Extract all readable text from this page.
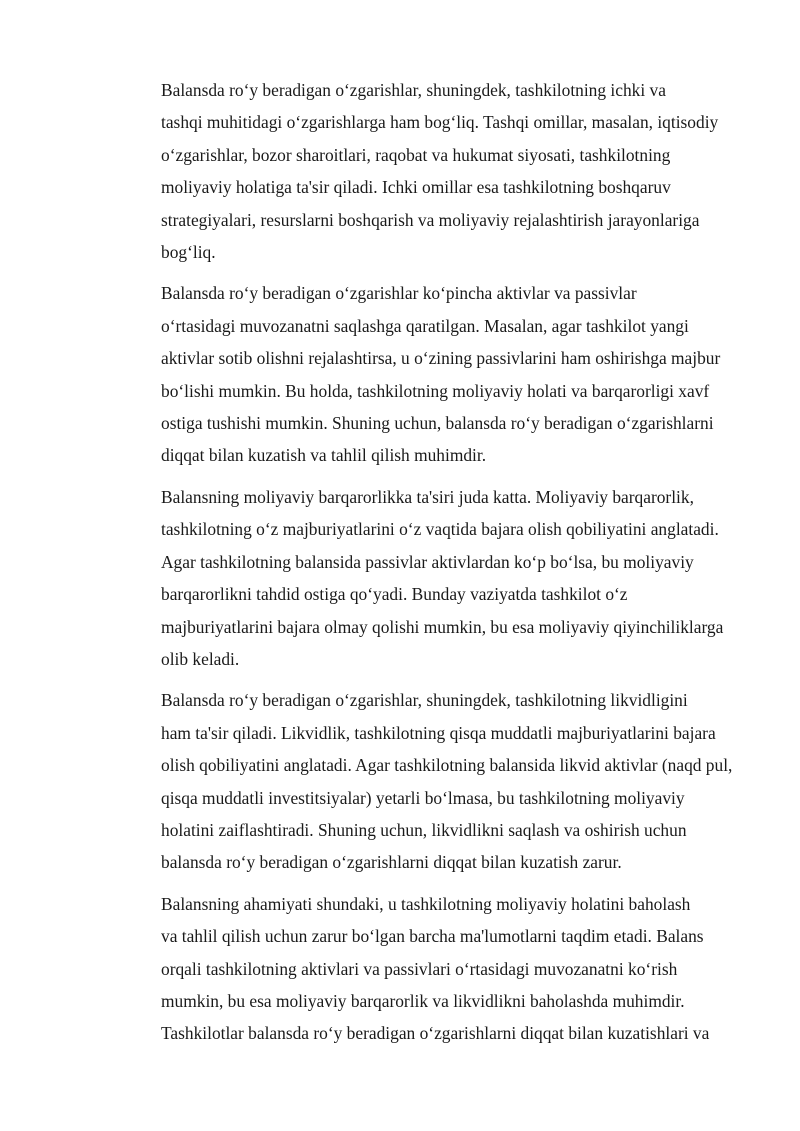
Balansda ro‘y beradigan o‘zgarishlar, shuningdek, tashkilotning ichki va
tashqi muhitidagi o‘zgarishlarga ham bog‘liq. Tashqi omillar, masalan, iqtisodiy
o‘zgarishlar, bozor sharoitlari, raqobat va hukumat siyosati, tashkilotning
moliyaviy holatiga ta'sir qiladi. Ichki omillar esa tashkilotning boshqaruv
strategiyalari, resurslarni boshqarish va moliyaviy rejalashtirish jarayonlariga
bog‘liq.

Balansda ro‘y beradigan o‘zgarishlar ko‘pincha aktivlar va passivlar
o‘rtasidagi muvozanatni saqlashga qaratilgan. Masalan, agar tashkilot yangi
aktivlar sotib olishni rejalashtirsa, u o‘zining passivlarini ham oshirishga majbur
bo‘lishi mumkin. Bu holda, tashkilotning moliyaviy holati va barqarorligi xavf
ostiga tushishi mumkin. Shuning uchun, balansda ro‘y beradigan o‘zgarishlarni
diqqat bilan kuzatish va tahlil qilish muhimdir.

Balansning moliyaviy barqarorlikka ta'siri juda katta. Moliyaviy barqarorlik,
tashkilotning o‘z majburiyatlarini o‘z vaqtida bajara olish qobiliyatini anglatadi.
Agar tashkilotning balansida passivlar aktivlardan ko‘p bo‘lsa, bu moliyaviy
barqarorlikni tahdid ostiga qo‘yadi. Bunday vaziyatda tashkilot o‘z
majburiyatlarini bajara olmay qolishi mumkin, bu esa moliyaviy qiyinchiliklarga
olib keladi.

Balansda ro‘y beradigan o‘zgarishlar, shuningdek, tashkilotning likvidligini
ham ta'sir qiladi. Likvidlik, tashkilotning qisqa muddatli majburiyatlarini bajara
olish qobiliyatini anglatadi. Agar tashkilotning balansida likvid aktivlar (naqd pul,
qisqa muddatli investitsiyalar) yetarli bo‘lmasa, bu tashkilotning moliyaviy
holatini zaiflashtiradi. Shuning uchun, likvidlikni saqlash va oshirish uchun
balansda ro‘y beradigan o‘zgarishlarni diqqat bilan kuzatish zarur.

Balansning ahamiyati shundaki, u tashkilotning moliyaviy holatini baholash
va tahlil qilish uchun zarur bo‘lgan barcha ma'lumotlarni taqdim etadi. Balans
orqali tashkilotning aktivlari va passivlari o‘rtasidagi muvozanatni ko‘rish
mumkin, bu esa moliyaviy barqarorlik va likvidlikni baholashda muhimdir.
Tashkilotlar balansda ro‘y beradigan o‘zgarishlarni diqqat bilan kuzatishlari va
